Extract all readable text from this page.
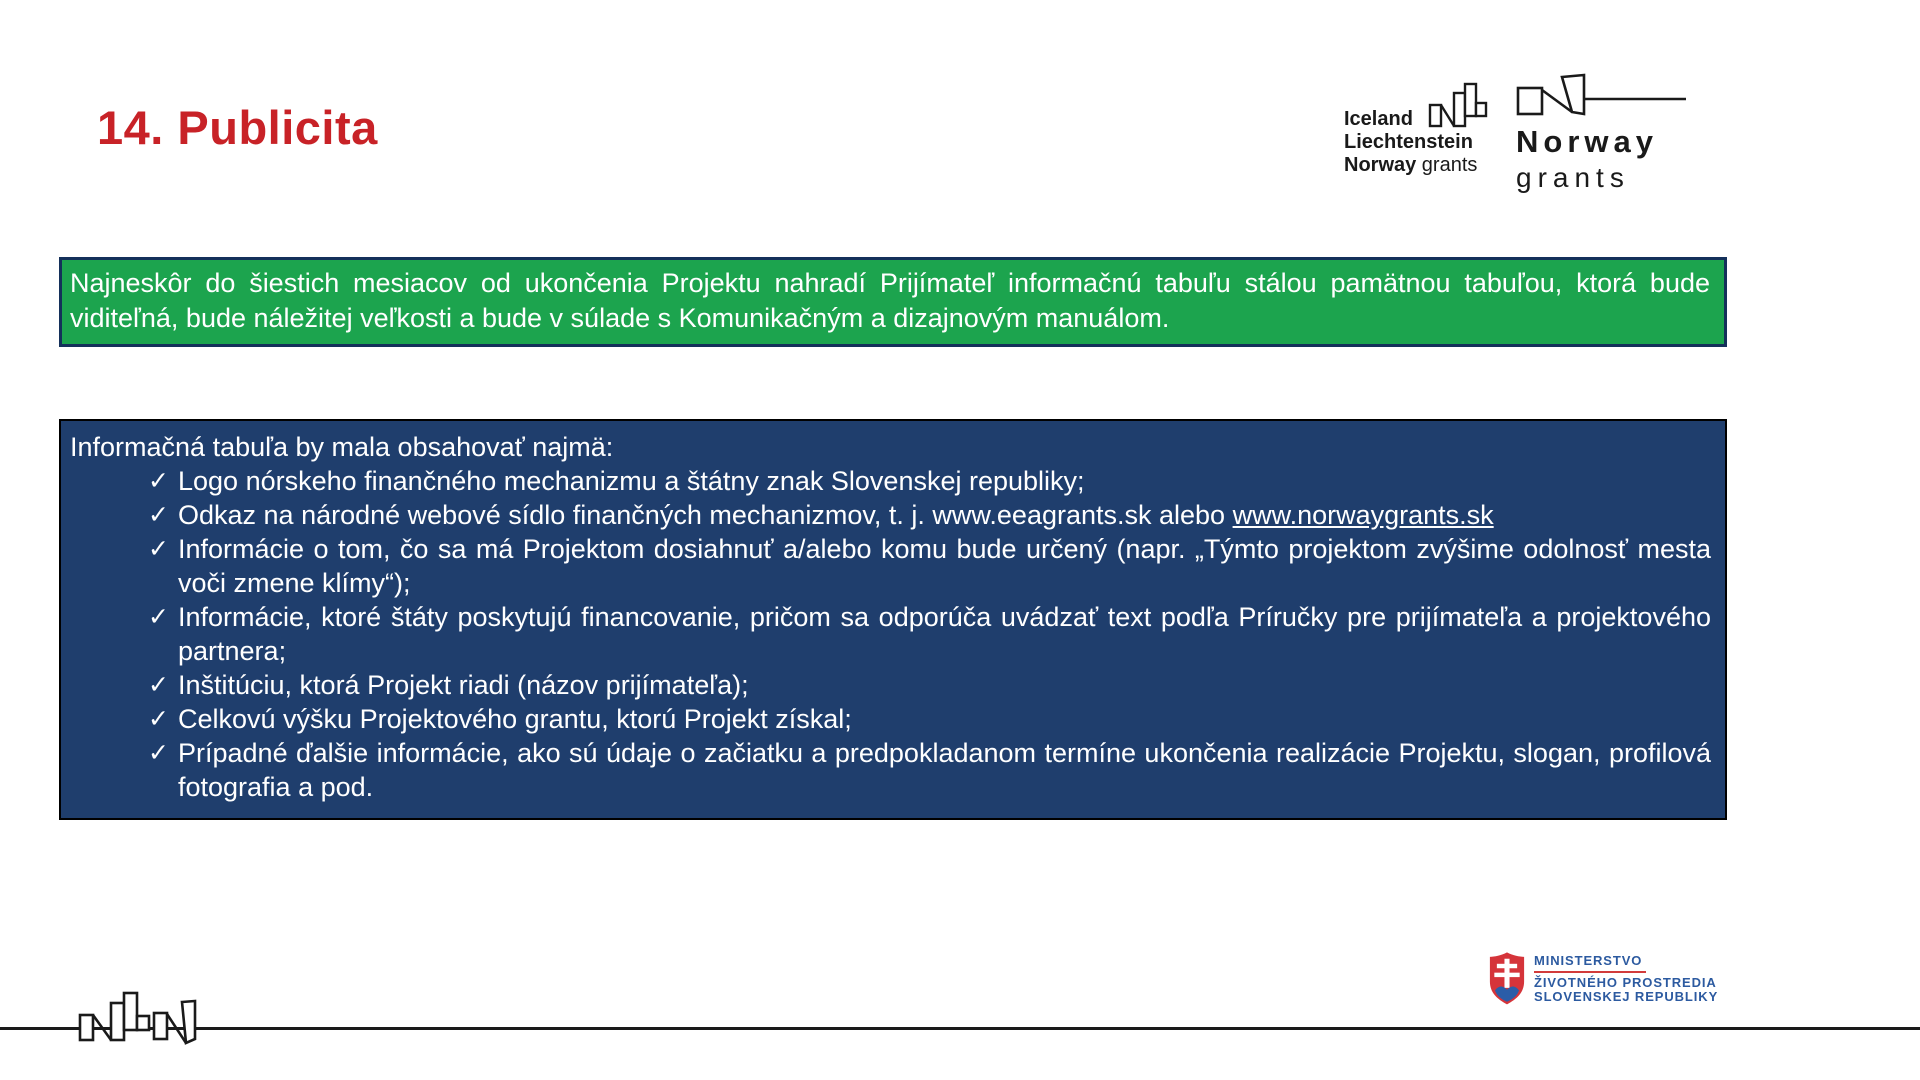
14. Publicita	Iceland
Liechtenstein
Norway grants
Norway
grants
Najneskôr do šiestich mesiacov od ukončenia Projektu nahradí Prijímateľ informačnú tabuľu stálou pamätnou tabuľou, ktorá bude viditeľná, bude náležitej veľkosti a bude v súlade s Komunikačným a dizajnovým manuálom.

Informačná tabuľa by mala obsahovať najmä:

✓ Logo nórskeho finančného mechanizmu a štátny znak Slovenskej republiky;
✓ Odkaz na národné webové sídlo finančných mechanizmov, t. j. www.eeagrants.sk alebo www.norwaygrants.sk
✓ Informácie o tom, čo sa má Projektom dosiahnuť a/alebo komu bude určený (napr. „Týmto projektom zvýšime odolnosť mesta voči zmene klímy“);
✓ Informácie, ktoré štáty poskytujú financovanie, pričom sa odporúča uvádzať text podľa Príručky pre prijímateľa a projektového partnera;
✓ Inštitúciu, ktorá Projekt riadi (názov prijímateľa);
✓ Celkovú výšku Projektového grantu, ktorú Projekt získal;
✓ Prípadné ďalšie informácie, ako sú údaje o začiatku a predpokladanom termíne ukončenia realizácie Projektu, slogan, profilová fotografia a pod.
MINISTERSTVO
ŽIVOTNÉHO PROSTREDIA
SLOVENSKEJ REPUBLIKY
